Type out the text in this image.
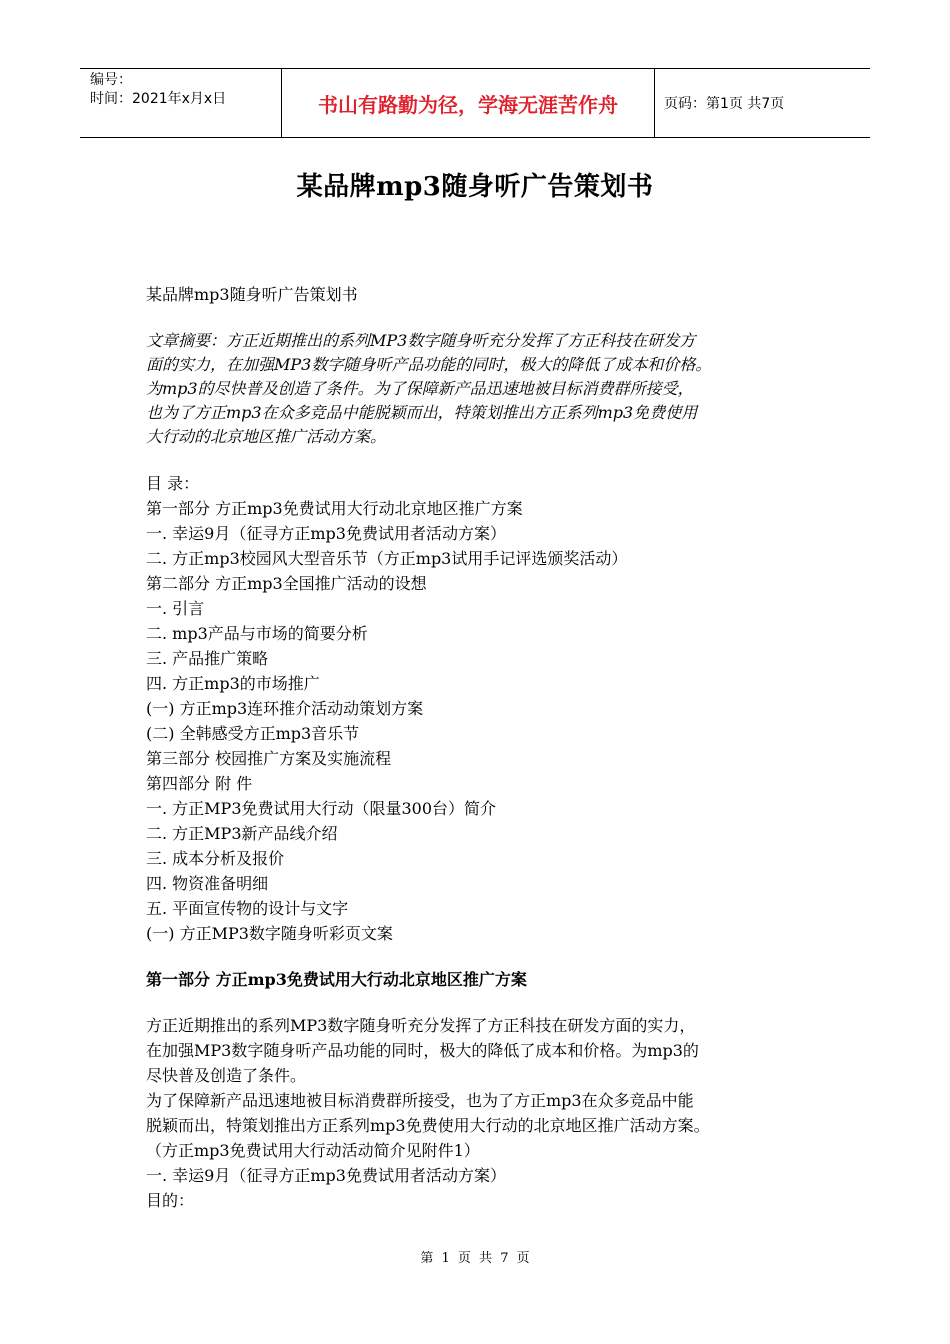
编号：
时间：2021年x月x日	书山有路勤为径，学海无涯苦作舟	页码：第1页 共7页
某品牌mp3随身听广告策划书
某品牌mp3随身听广告策划书
文章摘要：方正近期推出的系列MP3数字随身听充分发挥了方正科技在研发方
面的实力，在加强MP3数字随身听产品功能的同时，极大的降低了成本和价格。
为mp3的尽快普及创造了条件。为了保障新产品迅速地被目标消费群所接受，
也为了方正mp3在众多竞品中能脱颖而出，特策划推出方正系列mp3免费使用
大行动的北京地区推广活动方案。
目 录：
第一部分 方正mp3免费试用大行动北京地区推广方案
一. 幸运9月（征寻方正mp3免费试用者活动方案）
二. 方正mp3校园风大型音乐节（方正mp3试用手记评选颁奖活动）
第二部分 方正mp3全国推广活动的设想
一. 引言
二. mp3产品与市场的简要分析
三. 产品推广策略
四. 方正mp3的市场推广
(一) 方正mp3连环推介活动动策划方案
(二) 全韩感受方正mp3音乐节
第三部分 校园推广方案及实施流程
第四部分 附 件
一. 方正MP3免费试用大行动（限量300台）简介
二. 方正MP3新产品线介绍
三. 成本分析及报价
四. 物资准备明细
五. 平面宣传物的设计与文字
(一) 方正MP3数字随身听彩页文案
第一部分 方正mp3免费试用大行动北京地区推广方案
方正近期推出的系列MP3数字随身听充分发挥了方正科技在研发方面的实力，
在加强MP3数字随身听产品功能的同时，极大的降低了成本和价格。为mp3的
尽快普及创造了条件。
为了保障新产品迅速地被目标消费群所接受，也为了方正mp3在众多竞品中能
脱颖而出，特策划推出方正系列mp3免费使用大行动的北京地区推广活动方案。
（方正mp3免费试用大行动活动简介见附件1）
一. 幸运9月（征寻方正mp3免费试用者活动方案）
目的：
第 1 页 共 7 页
